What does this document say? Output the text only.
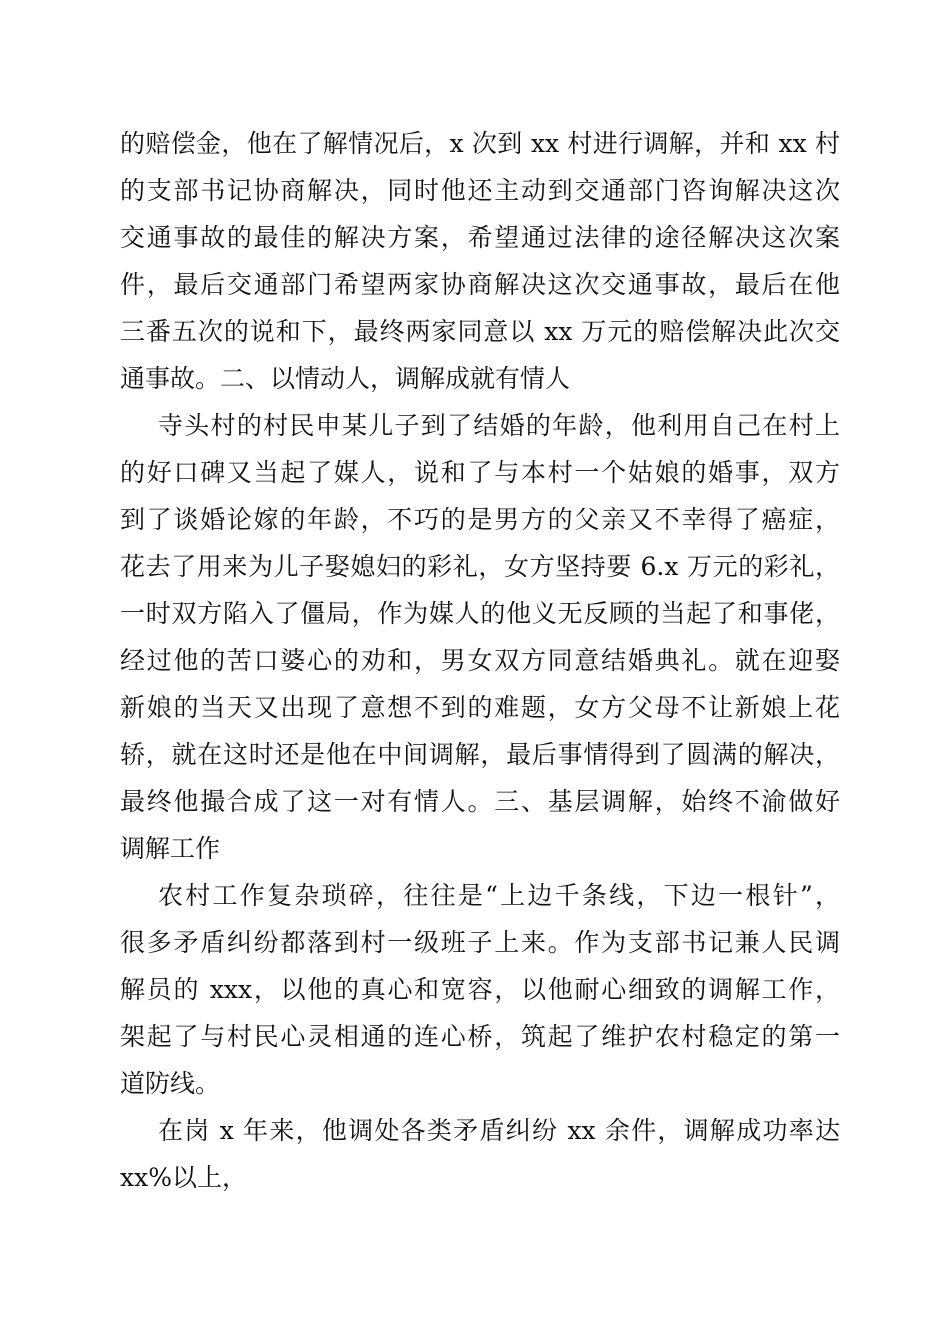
的赔偿金，他在了解情况后，x 次到 xx 村进行调解，并和 xx 村
的支部书记协商解决，同时他还主动到交通部门咨询解决这次
交通事故的最佳的解决方案，希望通过法律的途径解决这次案
件，最后交通部门希望两家协商解决这次交通事故，最后在他
三番五次的说和下，最终两家同意以 xx 万元的赔偿解决此次交
通事故。二、以情动人，调解成就有情人
寺头村的村民申某儿子到了结婚的年龄，他利用自己在村上
的好口碑又当起了媒人，说和了与本村一个姑娘的婚事，双方
到了谈婚论嫁的年龄，不巧的是男方的父亲又不幸得了癌症，
花去了用来为儿子娶媳妇的彩礼，女方坚持要 6.x 万元的彩礼，
一时双方陷入了僵局，作为媒人的他义无反顾的当起了和事佬，
经过他的苦口婆心的劝和，男女双方同意结婚典礼。就在迎娶
新娘的当天又出现了意想不到的难题，女方父母不让新娘上花
轿，就在这时还是他在中间调解，最后事情得到了圆满的解决，
最终他撮合成了这一对有情人。三、基层调解，始终不渝做好
调解工作
农村工作复杂琐碎，往往是“上边千条线，下边一根针”，
很多矛盾纠纷都落到村一级班子上来。作为支部书记兼人民调
解员的 xxx，以他的真心和宽容，以他耐心细致的调解工作，
架起了与村民心灵相通的连心桥，筑起了维护农村稳定的第一
道防线。
在岗 x 年来，他调处各类矛盾纠纷 xx 余件，调解成功率达
xx%以上，
